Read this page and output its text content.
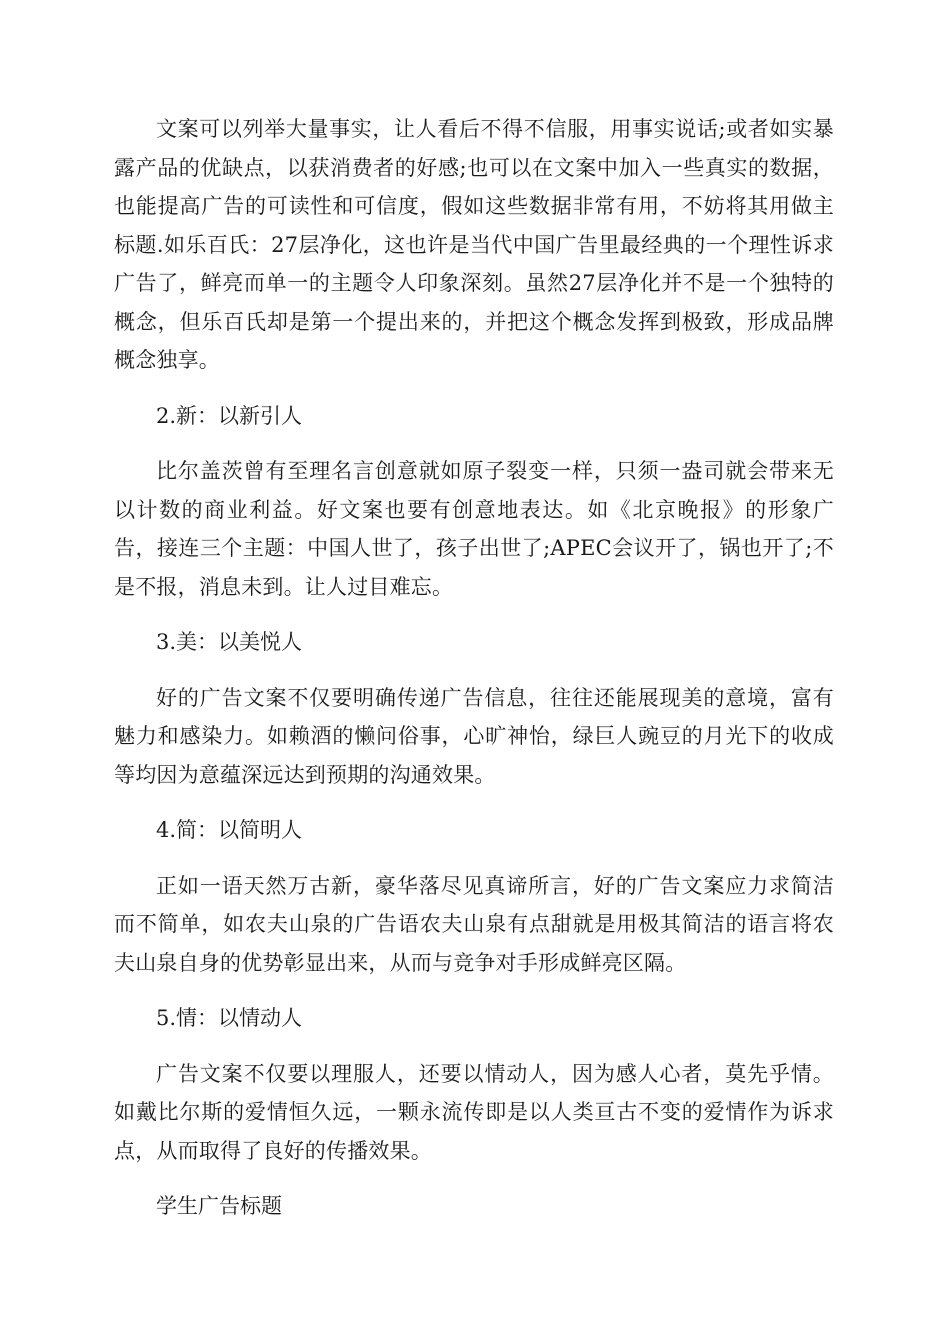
文案可以列举大量事实，让人看后不得不信服，用事实说话;或者如实暴露产品的优缺点，以获消费者的好感;也可以在文案中加入一些真实的数据，也能提高广告的可读性和可信度，假如这些数据非常有用，不妨将其用做主标题.如乐百氏：27层净化，这也许是当代中国广告里最经典的一个理性诉求广告了，鲜亮而单一的主题令人印象深刻。虽然27层净化并不是一个独特的概念，但乐百氏却是第一个提出来的，并把这个概念发挥到极致，形成品牌概念独享。

2.新：以新引人

比尔盖茨曾有至理名言创意就如原子裂变一样，只须一盎司就会带来无以计数的商业利益。好文案也要有创意地表达。如《北京晚报》的形象广告，接连三个主题：中国人世了，孩子出世了;APEC会议开了，锅也开了;不是不报，消息未到。让人过目难忘。

3.美：以美悦人

好的广告文案不仅要明确传递广告信息，往往还能展现美的意境，富有魅力和感染力。如赖酒的懒问俗事，心旷神怡，绿巨人豌豆的月光下的收成等均因为意蕴深远达到预期的沟通效果。

4.简：以简明人

正如一语天然万古新，豪华落尽见真谛所言，好的广告文案应力求简洁而不简单，如农夫山泉的广告语农夫山泉有点甜就是用极其简洁的语言将农夫山泉自身的优势彰显出来，从而与竞争对手形成鲜亮区隔。

5.情：以情动人

广告文案不仅要以理服人，还要以情动人，因为感人心者，莫先乎情。如戴比尔斯的爱情恒久远，一颗永流传即是以人类亘古不变的爱情作为诉求点，从而取得了良好的传播效果。

学生广告标题
